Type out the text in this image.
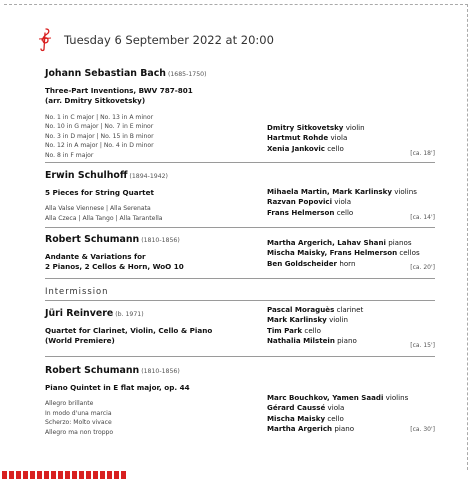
Tuesday 6 September 2022 at 20:00
Johann Sebastian Bach (1685-1750)
Three-Part Inventions, BWV 787-801
(arr. Dmitry Sitkovetsky)
No. 1 in C major | No. 13 in A minor
No. 10 in G major | No. 7 in E minor
No. 3 in D major | No. 15 in B minor
No. 12 in A major | No. 4 in D minor
No. 8 in F major
Dmitry Sitkovetsky violin
Hartmut Rohde viola
Xenia Jankovic cello
[ca. 18']
Erwin Schulhoff (1894-1942)
5 Pieces for String Quartet
Alla Valse Viennese | Alla Serenata
Alla Czeca | Alla Tango | Alla Tarantella
Mihaela Martin, Mark Karlinsky violins
Razvan Popovici viola
Frans Helmerson cello
[ca. 14']
Robert Schumann (1810-1856)
Andante & Variations for
2 Pianos, 2 Cellos & Horn, WoO 10
Martha Argerich, Lahav Shani pianos
Mischa Maisky, Frans Helmerson cellos
Ben Goldscheider horn	[ca. 20']
Intermission
Jüri Reinvere (b. 1971)
Quartet for Clarinet, Violin, Cello & Piano
(World Premiere)
Pascal Moraguès clarinet
Mark Karlinsky violin
Tim Park cello
Nathalia Milstein piano
[ca. 15']
Robert Schumann (1810-1856)
Piano Quintet in E flat major, op. 44
Allegro brillante
In modo d'una marcia
Scherzo: Molto vivace
Allegro ma non troppo
Marc Bouchkov, Yamen Saadi violins
Gérard Caussé viola
Mischa Maisky cello
Martha Argerich piano	[ca. 30']
